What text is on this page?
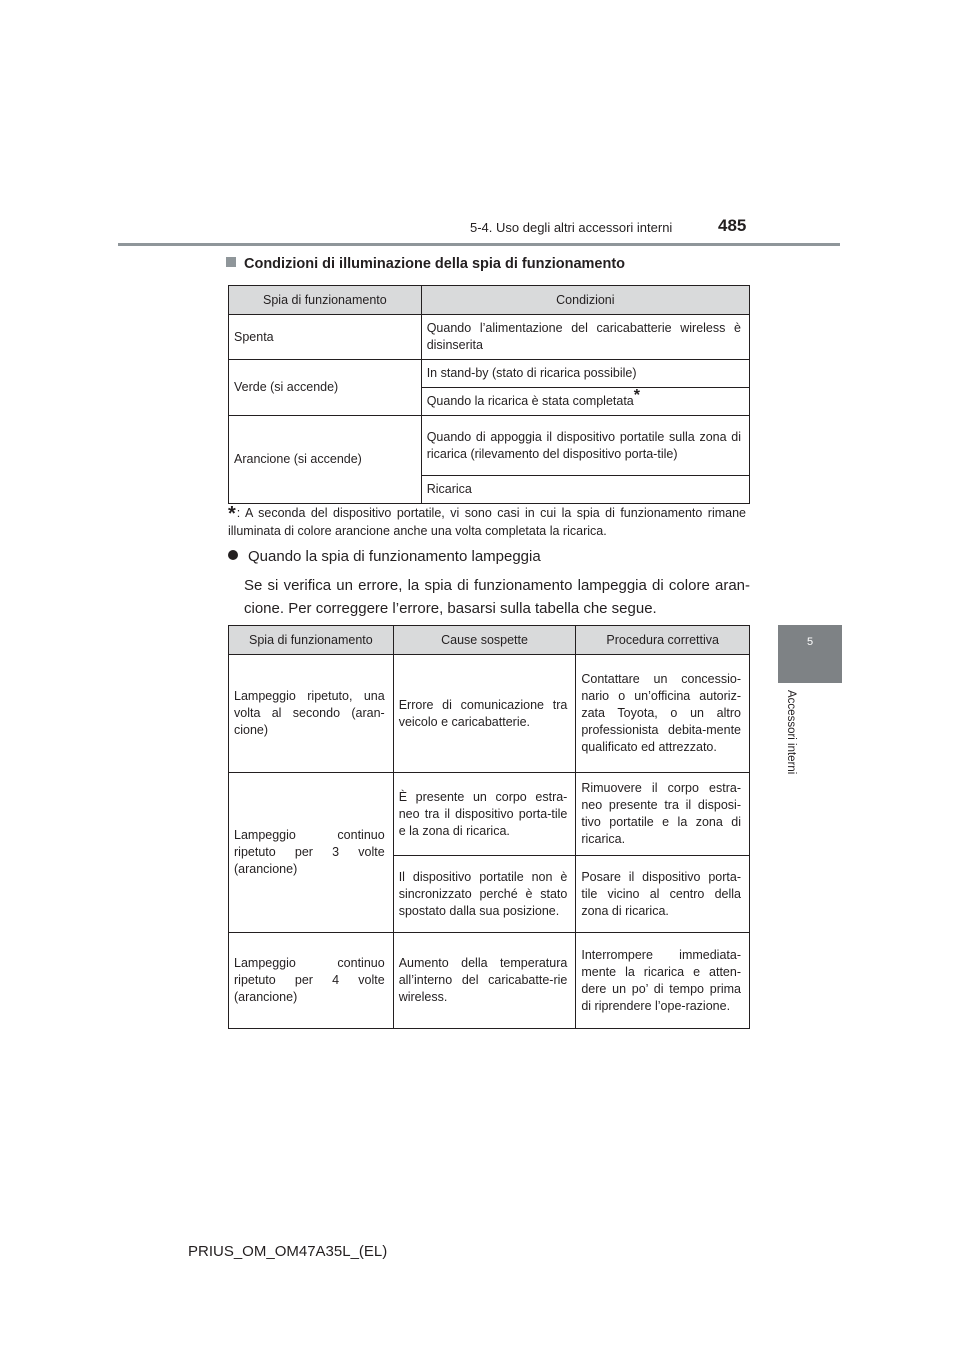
5-4. Uso degli altri accessori interni	485
5
Accessori interni
Condizioni di illuminazione della spia di funzionamento
Spia di funzionamento	Condizioni
Spenta	Quando l’alimentazione del caricabatterie wireless è disinserita
Verde (si accende)	In stand-by (stato di ricarica possibile)
	Quando la ricarica è stata completata*
Arancione (si accende)	Quando di appoggia il dispositivo portatile sulla zona di ricarica (rilevamento del dispositivo porta-tile)
	Ricarica
*: A seconda del dispositivo portatile, vi sono casi in cui la spia di funzionamento rimane illuminata di colore arancione anche una volta completata la ricarica.
Quando la spia di funzionamento lampeggia
Se si verifica un errore, la spia di funzionamento lampeggia di colore aran-cione. Per correggere l’errore, basarsi sulla tabella che segue.
Spia di funzionamento	Cause sospette	Procedura correttiva
Lampeggio ripetuto, una volta al secondo (aran-cione)	Errore di comunicazione tra veicolo e caricabatterie.	Contattare un concessio-nario o un’officina autoriz-zata Toyota, o un altro professionista debita-mente qualificato ed attrezzato.
Lampeggio continuo ripetuto per 3 volte (arancione)	È presente un corpo estra-neo tra il dispositivo porta-tile e la zona di ricarica.	Rimuovere il corpo estra-neo presente tra il disposi-tivo portatile e la zona di ricarica.
	Il dispositivo portatile non è sincronizzato perché è stato spostato dalla sua posizione.	Posare il dispositivo porta-tile vicino al centro della zona di ricarica.
Lampeggio continuo ripetuto per 4 volte (arancione)	Aumento della temperatura all’interno del caricabatte-rie wireless.	Interrompere immediata-mente la ricarica e atten-dere un po’ di tempo prima di riprendere l’ope-razione.
PRIUS_OM_OM47A35L_(EL)
